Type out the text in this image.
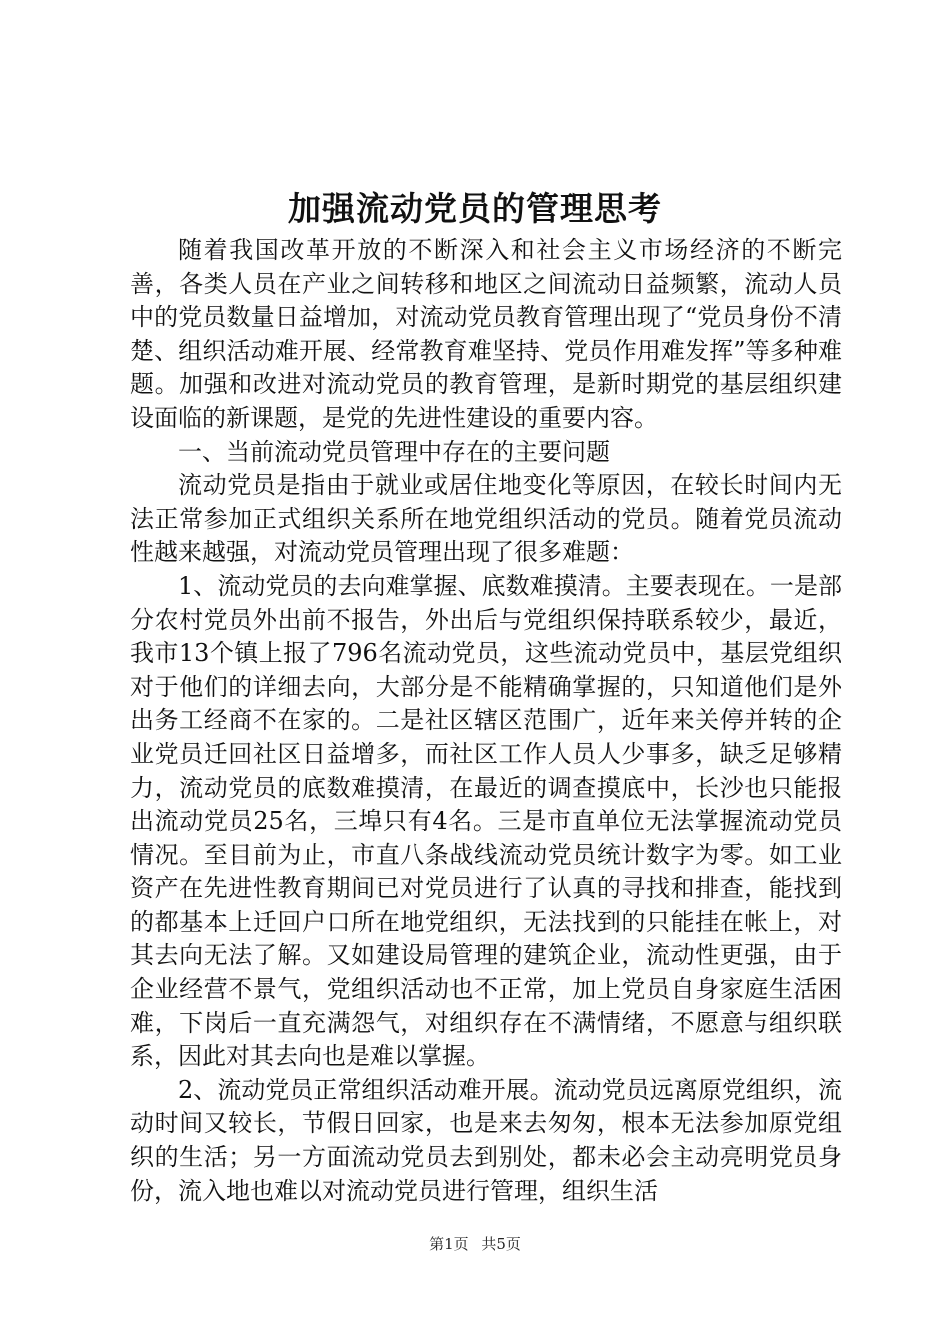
加强流动党员的管理思考

随着我国改革开放的不断深入和社会主义市场经济的不断完善，各类人员在产业之间转移和地区之间流动日益频繁，流动人员中的党员数量日益增加，对流动党员教育管理出现了“党员身份不清楚、组织活动难开展、经常教育难坚持、党员作用难发挥”等多种难题。加强和改进对流动党员的教育管理，是新时期党的基层组织建设面临的新课题，是党的先进性建设的重要内容。

一、当前流动党员管理中存在的主要问题

流动党员是指由于就业或居住地变化等原因，在较长时间内无法正常参加正式组织关系所在地党组织活动的党员。随着党员流动性越来越强，对流动党员管理出现了很多难题：

1、流动党员的去向难掌握、底数难摸清。主要表现在。一是部分农村党员外出前不报告，外出后与党组织保持联系较少，最近，我市13个镇上报了796名流动党员，这些流动党员中，基层党组织对于他们的详细去向，大部分是不能精确掌握的，只知道他们是外出务工经商不在家的。二是社区辖区范围广，近年来关停并转的企业党员迁回社区日益增多，而社区工作人员人少事多，缺乏足够精力，流动党员的底数难摸清，在最近的调查摸底中，长沙也只能报出流动党员25名，三埠只有4名。三是市直单位无法掌握流动党员情况。至目前为止，市直八条战线流动党员统计数字为零。如工业资产在先进性教育期间已对党员进行了认真的寻找和排查，能找到的都基本上迁回户口所在地党组织，无法找到的只能挂在帐上，对其去向无法了解。又如建设局管理的建筑企业，流动性更强，由于企业经营不景气，党组织活动也不正常，加上党员自身家庭生活困难，下岗后一直充满怨气，对组织存在不满情绪，不愿意与组织联系，因此对其去向也是难以掌握。

2、流动党员正常组织活动难开展。流动党员远离原党组织，流动时间又较长，节假日回家，也是来去匆匆，根本无法参加原党组织的生活；另一方面流动党员去到别处，都未必会主动亮明党员身份，流入地也难以对流动党员进行管理，组织生活

第1页 共5页
